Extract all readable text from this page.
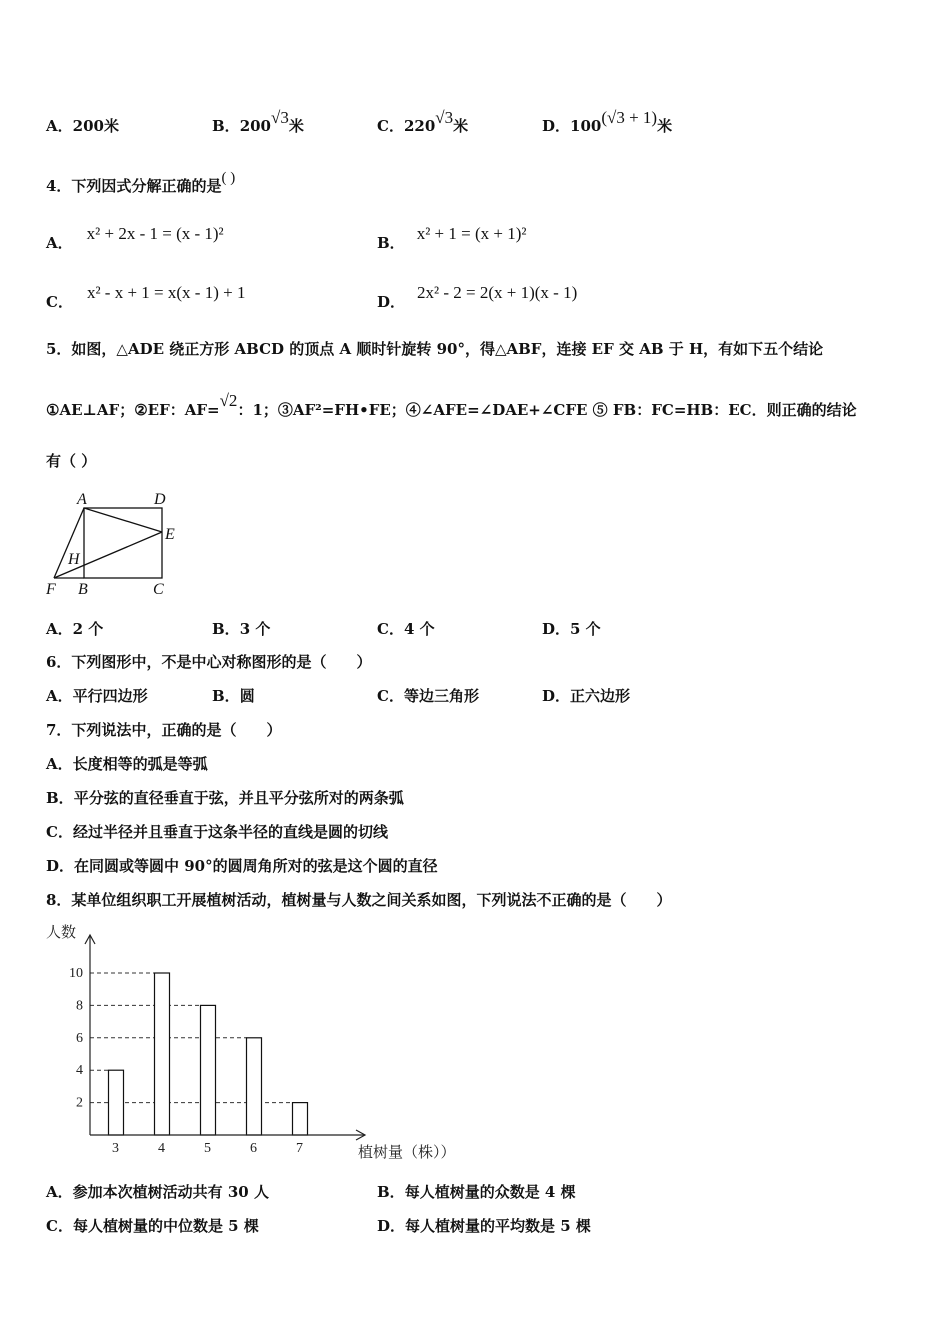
A．200米	B．200√3米	C．220√3米	D．100(√3 + 1)米
4．下列因式分解正确的是( )
A． x² + 2x - 1 = (x - 1)²	B． x² + 1 = (x + 1)²
C． x² - x + 1 = x(x - 1) + 1	D． 2x² - 2 = 2(x + 1)(x - 1)
5．如图，△ADE 绕正方形 ABCD 的顶点 A 顺时针旋转 90°，得△ABF，连接 EF 交 AB 于 H，有如下五个结论
①AE⊥AF；②EF：AF=√2：1；③AF²=FH•FE；④∠AFE=∠DAE+∠CFE ⑤ FB：FC=HB：EC．则正确的结论
有（ ）
A	D
E
H
F B	C
A．2 个	B．3 个	C．4 个	D．5 个
6．下列图形中，不是中心对称图形的是（　　）
A．平行四边形	B．圆	C．等边三角形	D．正六边形
7．下列说法中，正确的是（　　）
A．长度相等的弧是等弧
B．平分弦的直径垂直于弦，并且平分弦所对的两条弧
C．经过半径并且垂直于这条半径的直线是圆的切线
D．在同圆或等圆中 90°的圆周角所对的弦是这个圆的直径
8．某单位组织职工开展植树活动，植树量与人数之间关系如图，下列说法不正确的是（　　）
3	4	5	6	7
2
4
6
8
10
人数
植树量（株））
A．参加本次植树活动共有 30 人	B．每人植树量的众数是 4 棵
C．每人植树量的中位数是 5 棵	D．每人植树量的平均数是 5 棵
